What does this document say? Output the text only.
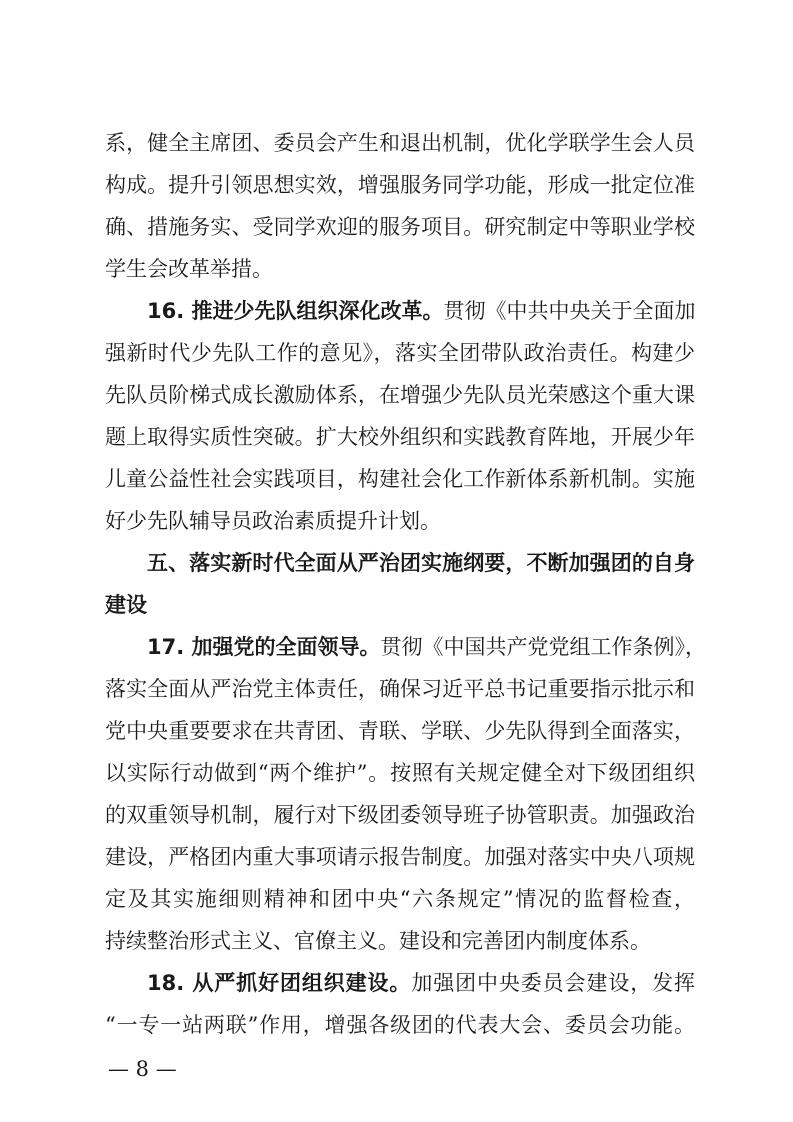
系，健全主席团、委员会产生和退出机制，优化学联学生会人员
构成。提升引领思想实效，增强服务同学功能，形成一批定位准
确、措施务实、受同学欢迎的服务项目。研究制定中等职业学校
学生会改革举措。
16. 推进少先队组织深化改革。贯彻《中共中央关于全面加
强新时代少先队工作的意见》，落实全团带队政治责任。构建少
先队员阶梯式成长激励体系，在增强少先队员光荣感这个重大课
题上取得实质性突破。扩大校外组织和实践教育阵地，开展少年
儿童公益性社会实践项目，构建社会化工作新体系新机制。实施
好少先队辅导员政治素质提升计划。
五、落实新时代全面从严治团实施纲要，不断加强团的自身
建设
17. 加强党的全面领导。贯彻《中国共产党党组工作条例》，
落实全面从严治党主体责任，确保习近平总书记重要指示批示和
党中央重要要求在共青团、青联、学联、少先队得到全面落实，
以实际行动做到“两个维护”。按照有关规定健全对下级团组织
的双重领导机制，履行对下级团委领导班子协管职责。加强政治
建设，严格团内重大事项请示报告制度。加强对落实中央八项规
定及其实施细则精神和团中央“六条规定”情况的监督检查，
持续整治形式主义、官僚主义。建设和完善团内制度体系。
18. 从严抓好团组织建设。加强团中央委员会建设，发挥
“一专一站两联”作用，增强各级团的代表大会、委员会功能。
— 8 —
